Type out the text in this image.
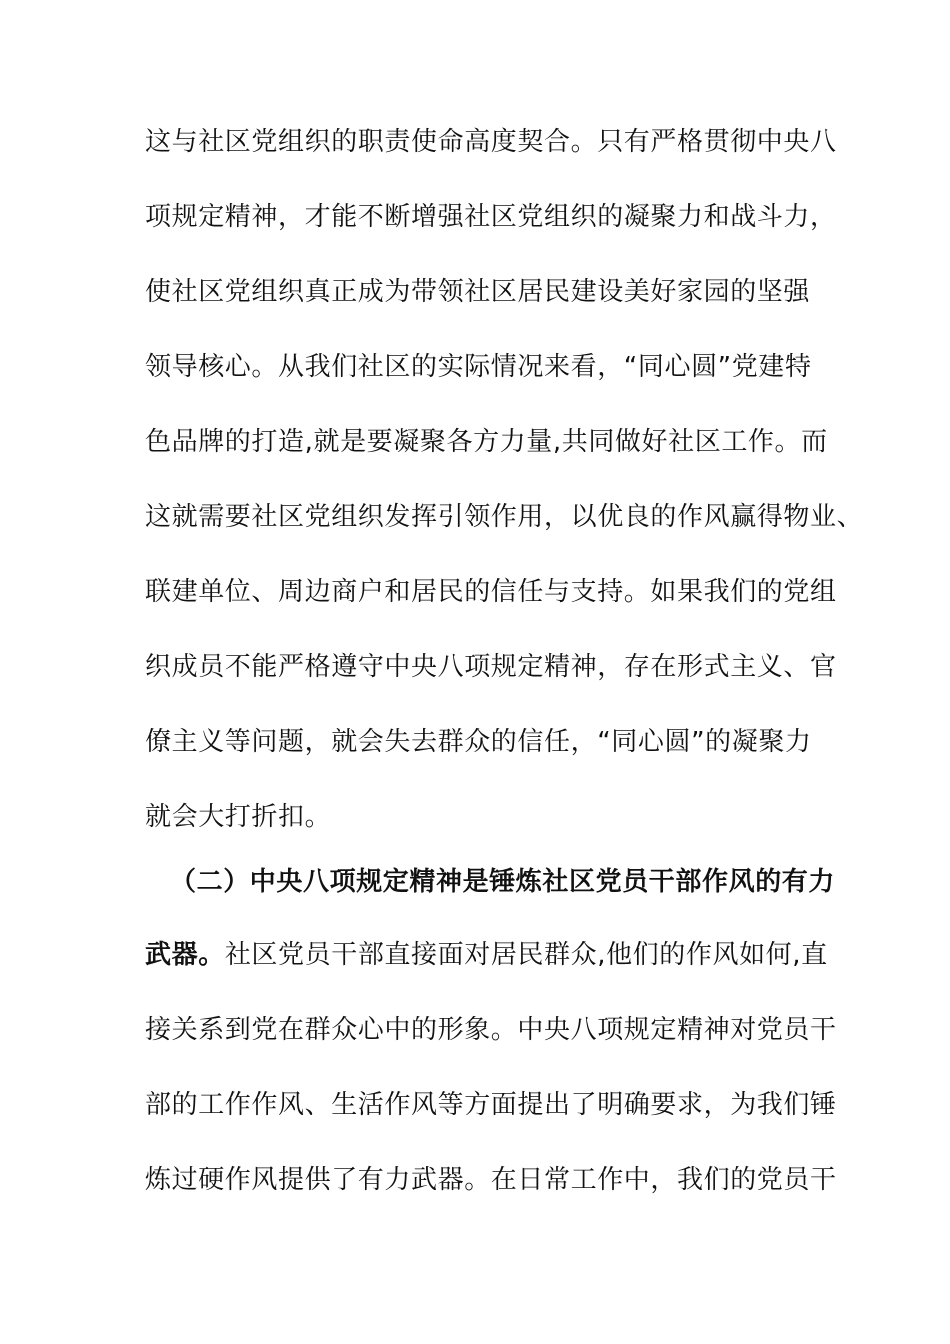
这与社区党组织的职责使命高度契合。只有严格贯彻中央八
项规定精神，才能不断增强社区党组织的凝聚力和战斗力，
使社区党组织真正成为带领社区居民建设美好家园的坚强
领导核心。从我们社区的实际情况来看，“同心圆”党建特
色品牌的打造,就是要凝聚各方力量,共同做好社区工作。而
这就需要社区党组织发挥引领作用，以优良的作风赢得物业、
联建单位、周边商户和居民的信任与支持。如果我们的党组
织成员不能严格遵守中央八项规定精神，存在形式主义、官
僚主义等问题，就会失去群众的信任，“同心圆”的凝聚力
就会大打折扣。
（二）中央八项规定精神是锤炼社区党员干部作风的有力
武器。社区党员干部直接面对居民群众,他们的作风如何,直
接关系到党在群众心中的形象。中央八项规定精神对党员干
部的工作作风、生活作风等方面提出了明确要求，为我们锤
炼过硬作风提供了有力武器。在日常工作中，我们的党员干
